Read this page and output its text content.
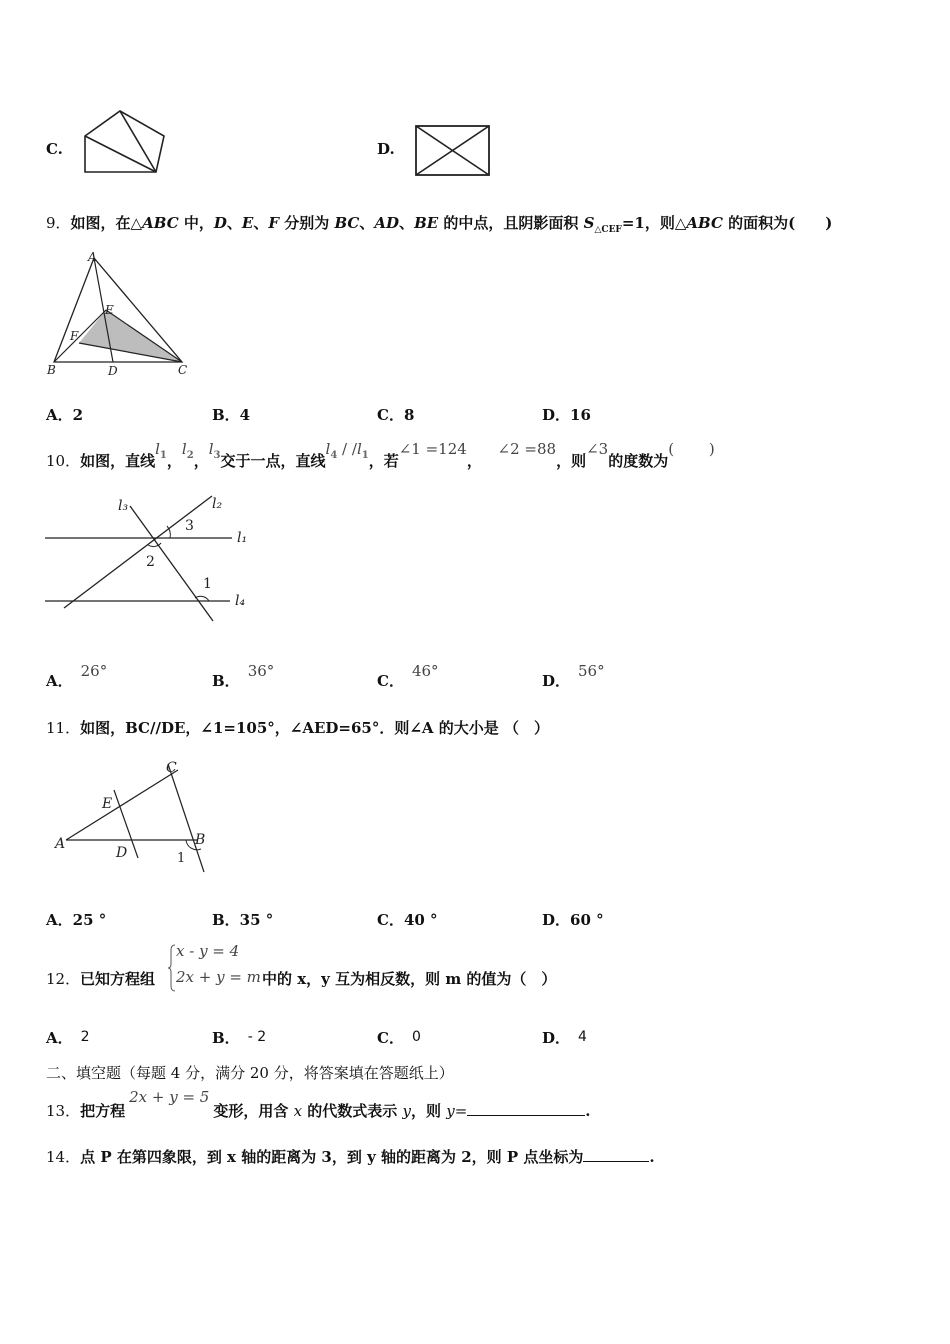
C.	D.
9．如图，在△ABC 中，D、E、F 分别为 BC、AD、BE 的中点，且阴影面积 $S_{\triangle CEF}=1$，则△ABC 的面积为(　　)
A
B	C
D
E
F
A．2	B．4	C．8	D．16
10．如图，直线$l_1$，$l_2$，$l_3$交于一点，直线$l_4 / /l_1$，若∠1 =124，   ∠2 =88，则∠3的度数为(　　 )
l₃	l₂
l₁
l₄
3
2
1
A．26°
B．36°
C．46°
D．56°
11．如图，BC//DE，∠1=105°，∠AED=65°．则∠A 的大小是 （　）
A	B
C
D
E
1
A．25 °	B．35 °	C．40 °	D．60 °
12． 已知方程组
x - y = 4
2x + y = m 中的 x，y 互为相反数，则 m 的值为（　）
A． 2	B． - 2	C． 0	D． 4
二、填空题（每题 4 分，满分 20 分，将答案填在答题纸上）
13．把方程2x + y = 5变形，用含 x 的代数式表示 y，则 y=	.
14．点 P 在第四象限，到 x 轴的距离为 3，到 y 轴的距离为 2，则 P 点坐标为	.
